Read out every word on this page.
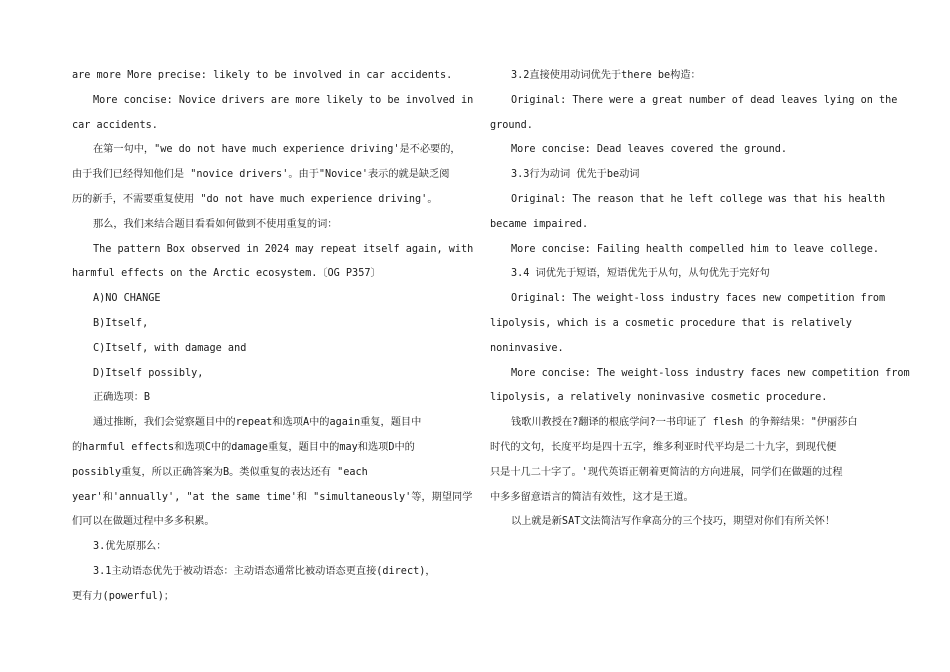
are more More precise: likely to be involved in car accidents.
More concise: Novice drivers are more likely to be involved in
car accidents.
在第一句中，"we do not have much experience driving'是不必要的，
由于我们已经得知他们是 "novice drivers'。由于"Novice'表示的就是缺乏阅
历的新手，不需要重复使用 "do not have much experience driving'。
那么，我们来结合题目看看如何做到不使用重复的词：
The pattern Box observed in 2024 may repeat itself again, with
harmful effects on the Arctic ecosystem.〔OG P357〕
A)NO CHANGE
B)Itself,
C)Itself, with damage and
D)Itself possibly,
正确选项：B
通过推断，我们会觉察题目中的repeat和选项A中的again重复，题目中
的harmful effects和选项C中的damage重复，题目中的may和选项D中的
possibly重复，所以正确答案为B。类似重复的表达还有 "each
year'和'annually', "at the same time'和 "simultaneously'等，期望同学
们可以在做题过程中多多积累。
3.优先原那么：
3.1主动语态优先于被动语态：主动语态通常比被动语态更直接(direct)，
更有力(powerful)；
3.2直接使用动词优先于there be构造：
Original: There were a great number of dead leaves lying on the
ground.
More concise: Dead leaves covered the ground.
3.3行为动词 优先于be动词
Original: The reason that he left college was that his health
became impaired.
More concise: Failing health compelled him to leave college.
3.4 词优先于短语，短语优先于从句，从句优先于完好句
Original: The weight-loss industry faces new competition from
lipolysis, which is a cosmetic procedure that is relatively
noninvasive.
More concise: The weight-loss industry faces new competition from
lipolysis, a relatively noninvasive cosmetic procedure.
钱歌川教授在?翻译的根底学问?一书印证了 flesh 的争辩结果："伊丽莎白
时代的文句，长度平均是四十五字，维多利亚时代平均是二十九字，到现代便
只是十几二十字了。'现代英语正朝着更简洁的方向进展，同学们在做题的过程
中多多留意语言的简洁有效性，这才是王道。
以上就是新SAT文法简洁写作拿高分的三个技巧，期望对你们有所关怀！
